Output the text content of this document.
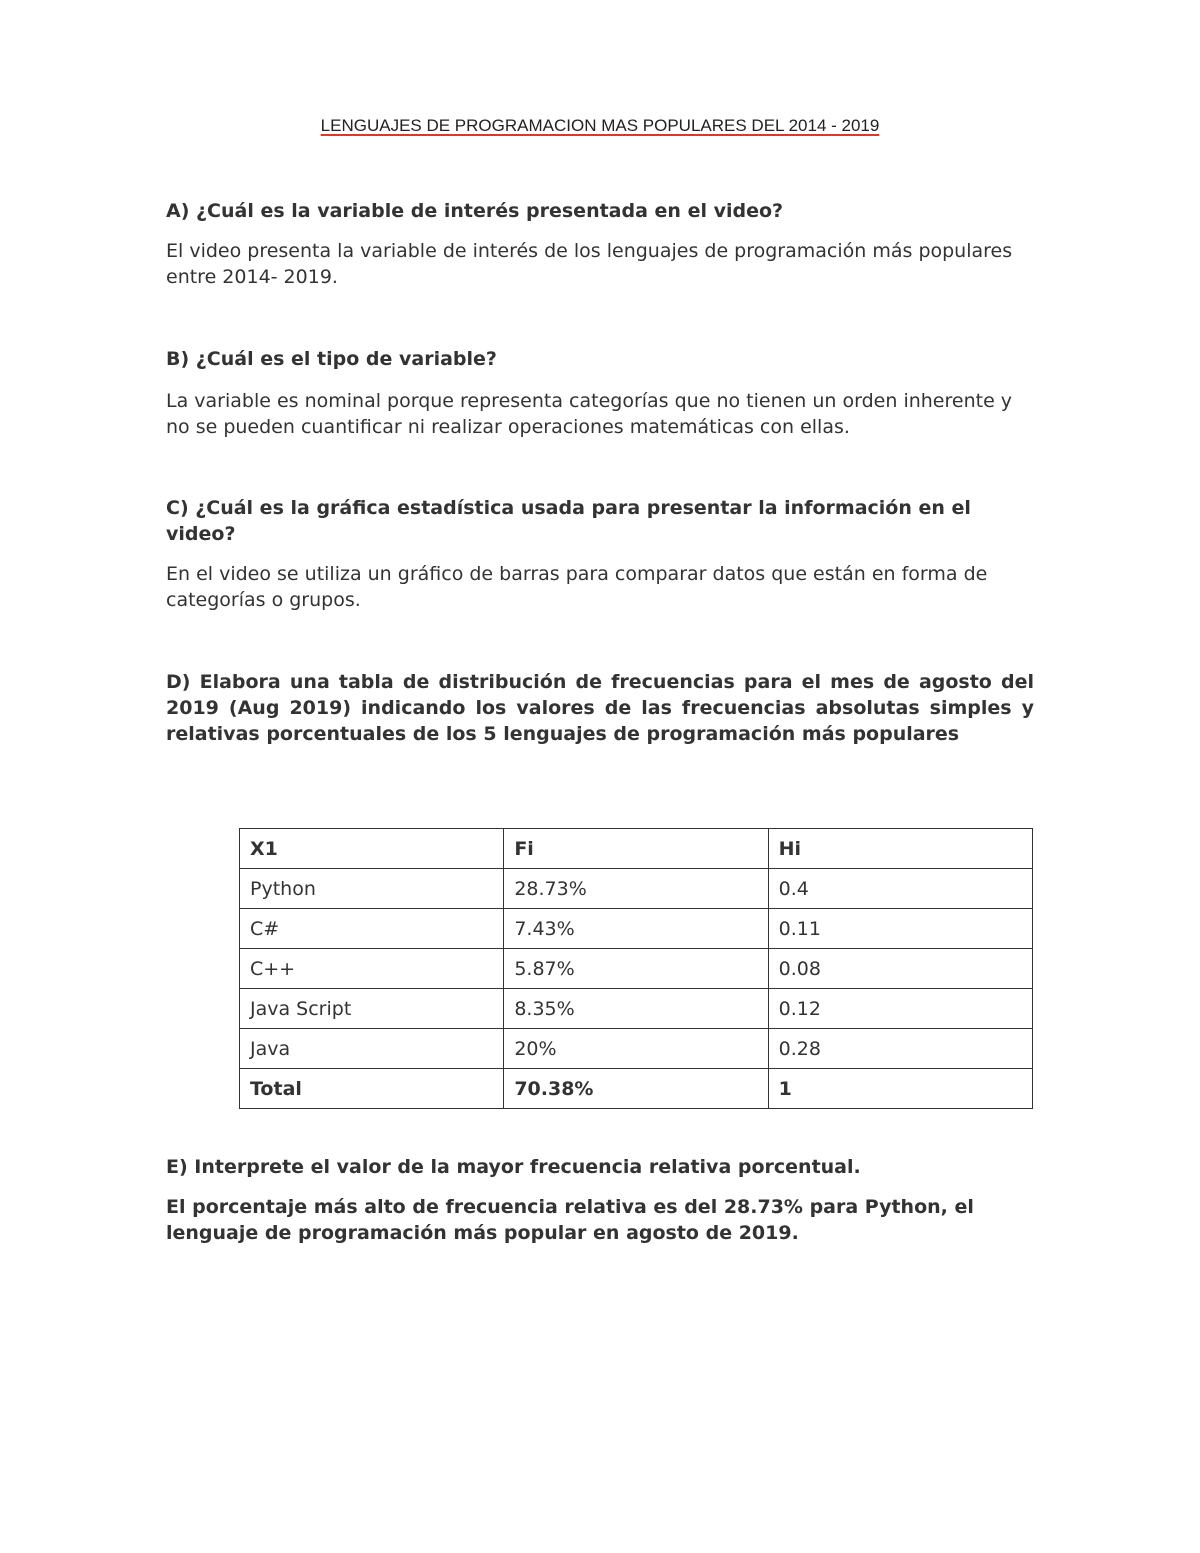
LENGUAJES DE PROGRAMACION MAS POPULARES DEL 2014 - 2019

A) ¿Cuál es la variable de interés presentada en el video?

El video presenta la variable de interés de los lenguajes de programación más populares entre 2014- 2019.

B) ¿Cuál es el tipo de variable?

La variable es nominal porque representa categorías que no tienen un orden inherente y no se pueden cuantificar ni realizar operaciones matemáticas con ellas.

C) ¿Cuál es la gráfica estadística usada para presentar la información en el video?

En el video se utiliza un gráfico de barras para comparar datos que están en forma de categorías o grupos.

D) Elabora una tabla de distribución de frecuencias para el mes de agosto del 2019 (Aug 2019) indicando los valores de las frecuencias absolutas simples y relativas porcentuales de los 5 lenguajes de programación más populares

X1	Fi	Hi
Python	28.73%	0.4
C#	7.43%	0.11
C++	5.87%	0.08
Java Script	8.35%	0.12
Java	20%	0.28
Total	70.38%	1

E) Interprete el valor de la mayor frecuencia relativa porcentual.

El porcentaje más alto de frecuencia relativa es del 28.73% para Python, el lenguaje de programación más popular en agosto de 2019.
